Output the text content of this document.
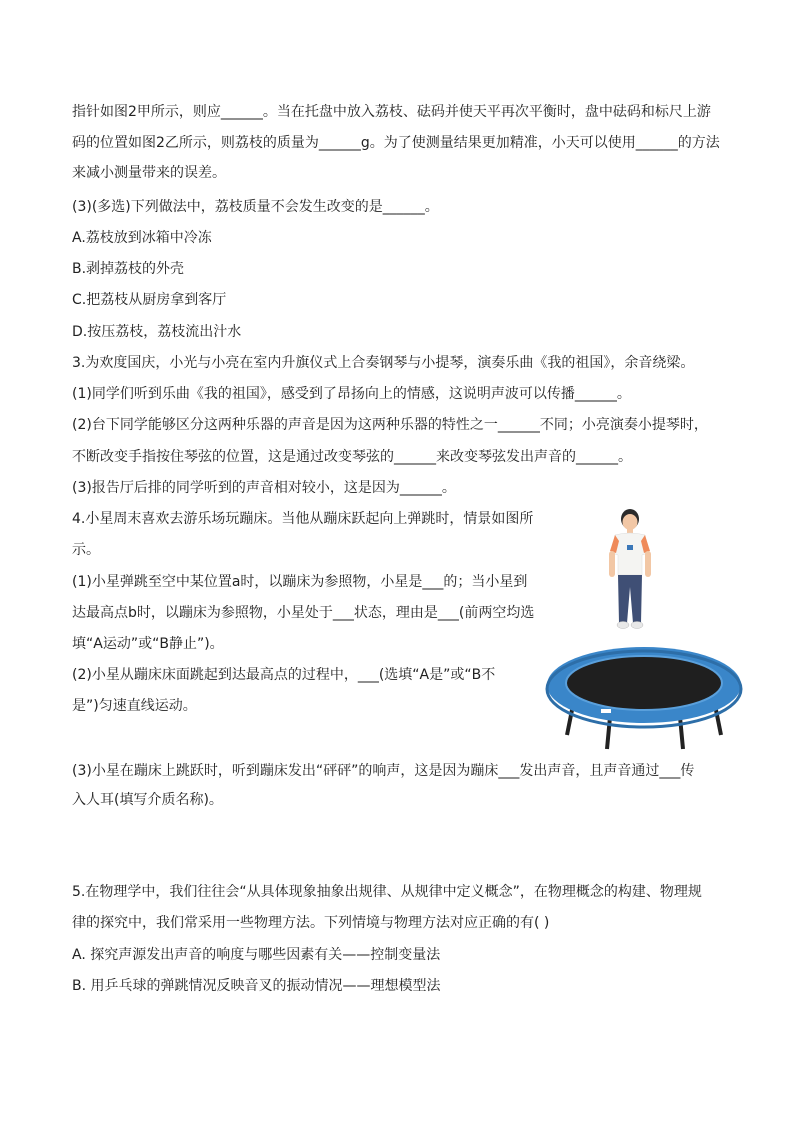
指针如图2甲所示，则应______。当在托盘中放入荔枝、砝码并使天平再次平衡时，盘中砝码和标尺上游
码的位置如图2乙所示，则荔枝的质量为______g。为了使测量结果更加精准，小天可以使用______的方法
来减小测量带来的误差。
(3)(多选)下列做法中，荔枝质量不会发生改变的是______。
A.荔枝放到冰箱中冷冻
B.剥掉荔枝的外壳
C.把荔枝从厨房拿到客厅
D.按压荔枝，荔枝流出汁水
3.为欢度国庆，小光与小亮在室内升旗仪式上合奏钢琴与小提琴，演奏乐曲《我的祖国》，余音绕梁。
(1)同学们听到乐曲《我的祖国》，感受到了昂扬向上的情感，这说明声波可以传播______。
(2)台下同学能够区分这两种乐器的声音是因为这两种乐器的特性之一______不同；小亮演奏小提琴时，
不断改变手指按住琴弦的位置，这是通过改变琴弦的______来改变琴弦发出声音的______。
(3)报告厅后排的同学听到的声音相对较小，这是因为______。
4.小星周末喜欢去游乐场玩蹦床。当他从蹦床跃起向上弹跳时，情景如图所
示。
(1)小星弹跳至空中某位置a时，以蹦床为参照物，小星是___的；当小星到
达最高点b时，以蹦床为参照物，小星处于___状态，理由是___(前两空均选
填“A运动”或“B静止”)。
(2)小星从蹦床床面跳起到达最高点的过程中，___(选填“A是”或“B不
是”)匀速直线运动。
(3)小星在蹦床上跳跃时，听到蹦床发出“砰砰”的响声，这是因为蹦床___发出声音，且声音通过___传
入人耳(填写介质名称)。
5.在物理学中，我们往往会“从具体现象抽象出规律、从规律中定义概念”，在物理概念的构建、物理规
律的探究中，我们常采用一些物理方法。下列情境与物理方法对应正确的有( )
A. 探究声源发出声音的响度与哪些因素有关——控制变量法
B. 用乒乓球的弹跳情况反映音叉的振动情况——理想模型法
